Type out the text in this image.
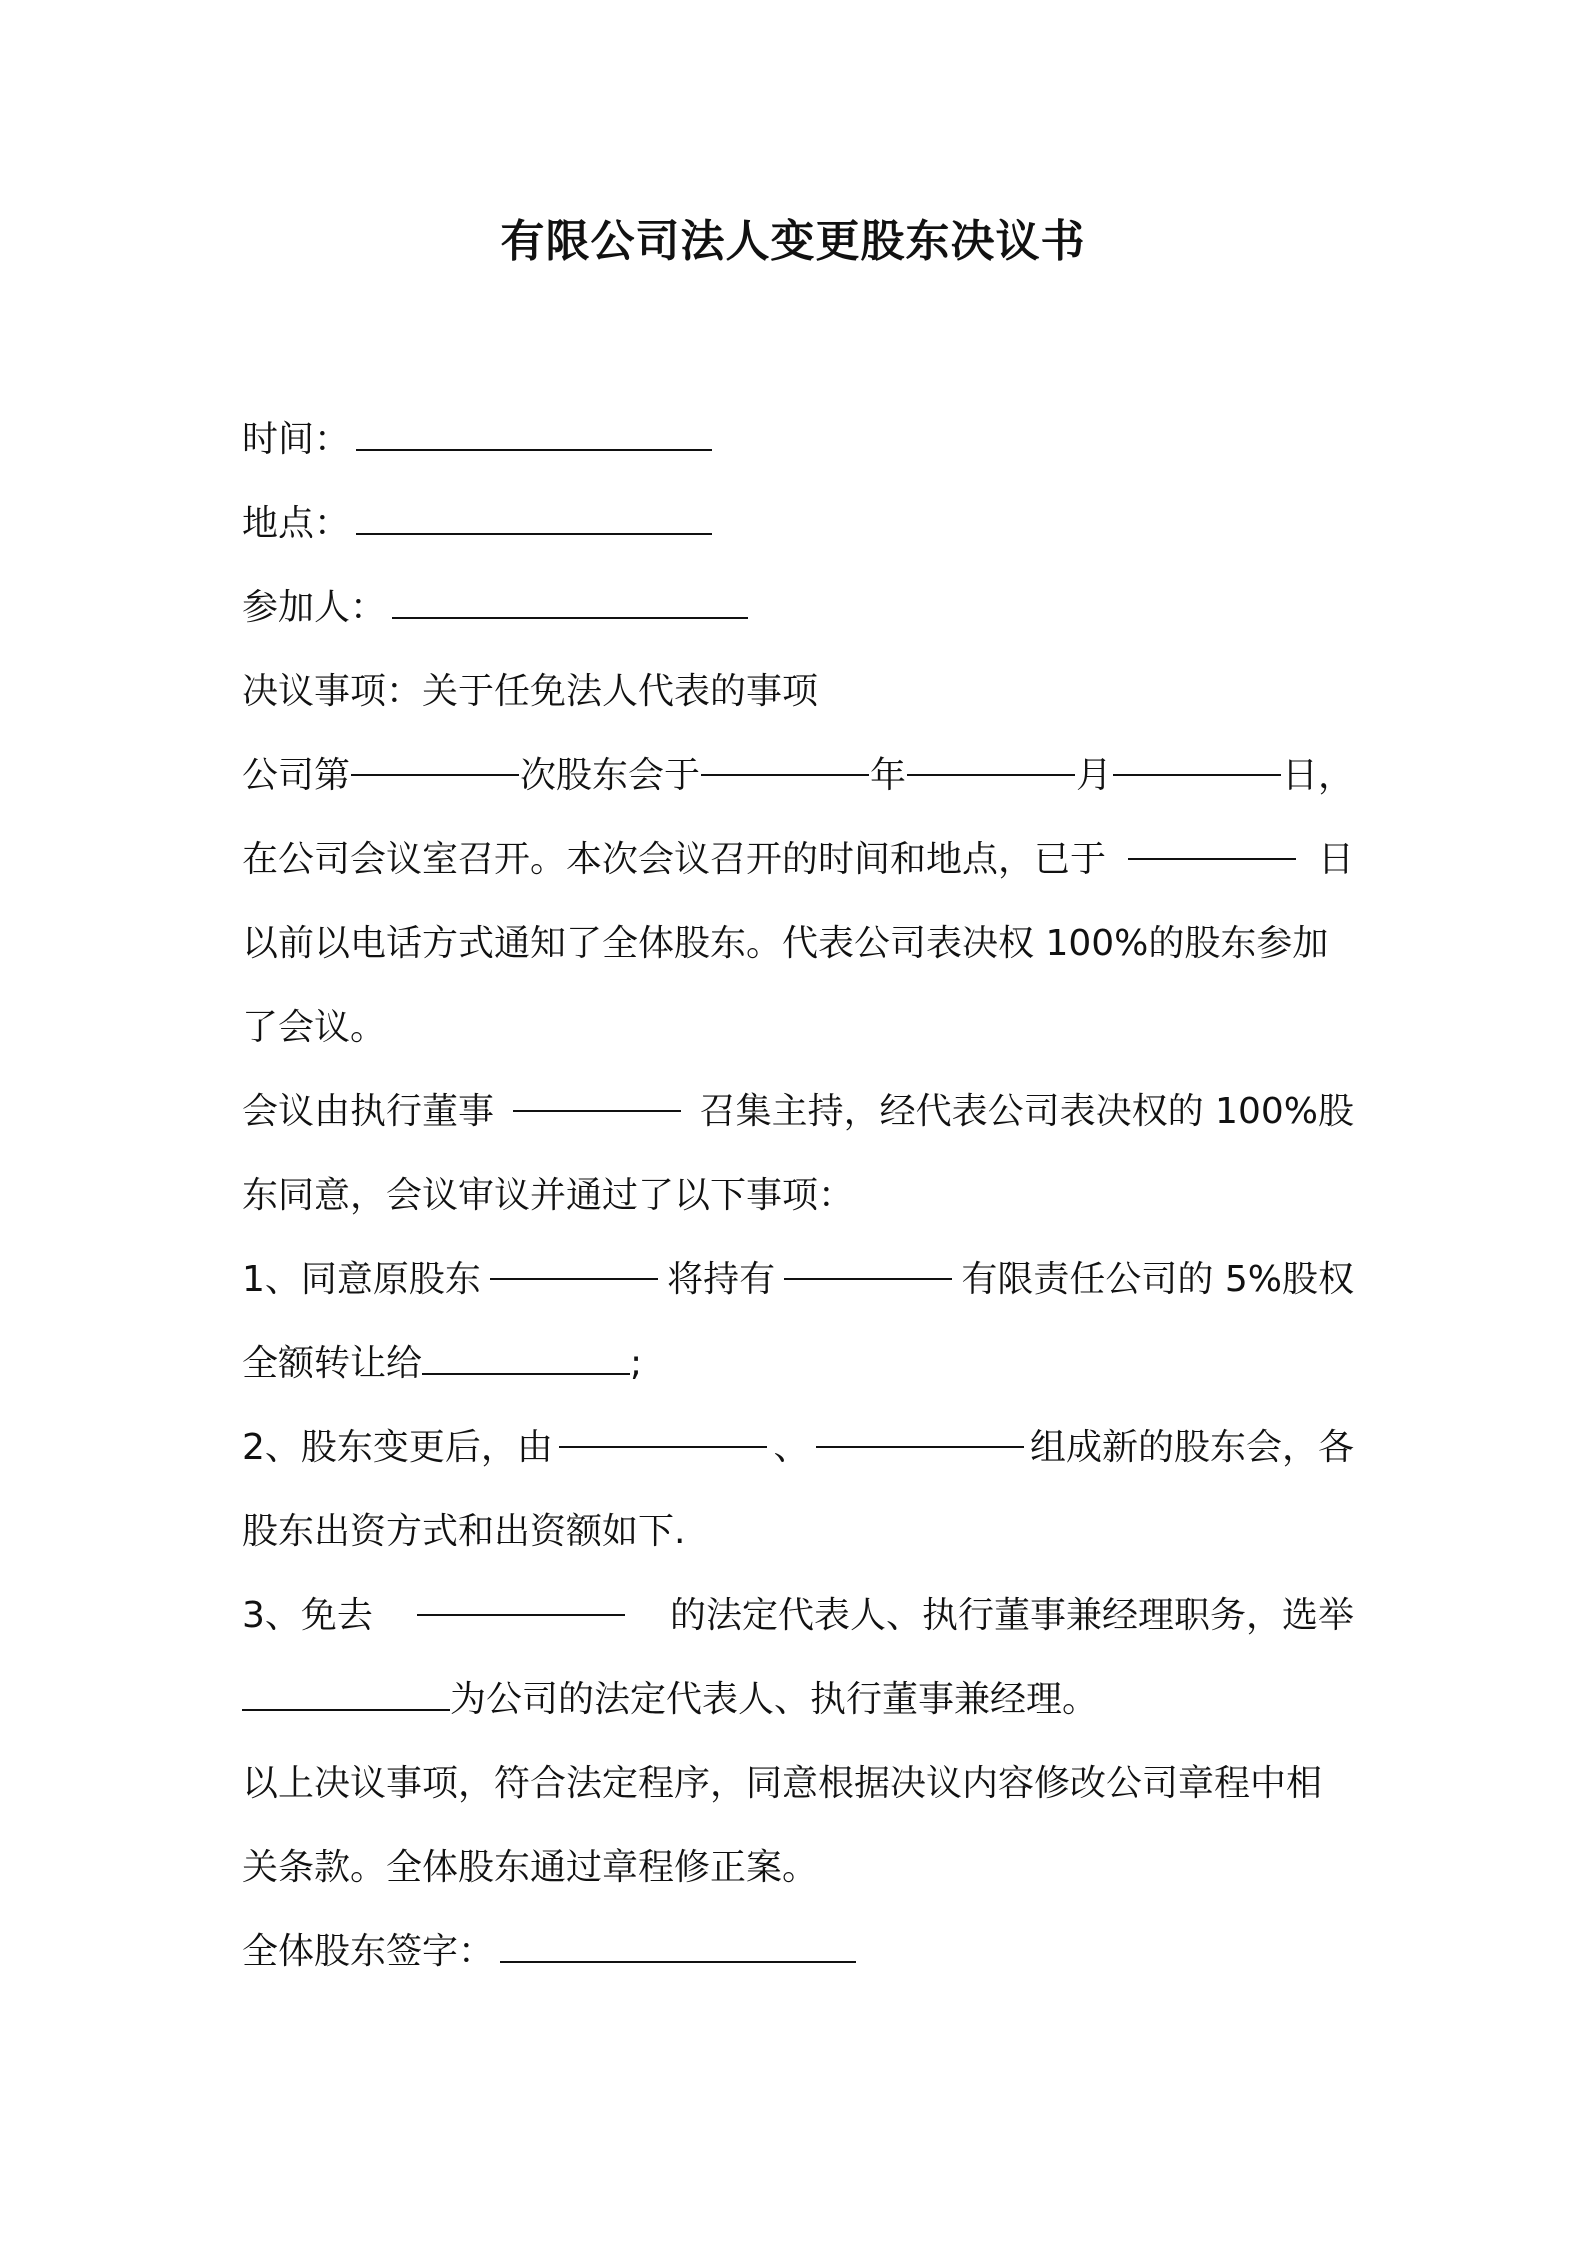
有限公司法人变更股东决议书
时间：
地点：
参加人：
决议事项：关于任免法人代表的事项
公司第	次股东会于	年	月	日，
在公司会议室召开。本次会议召开的时间和地点，已于	日
以前以电话方式通知了全体股东。代表公司表决权 100%的股东参加
了会议。
会议由执行董事	召集主持，经代表公司表决权的 100%股
东同意，会议审议并通过了以下事项：
1、同意原股东	将持有	有限责任公司的 5%股权
全额转让给	;
2、股东变更后，由	、	组成新的股东会，各
股东出资方式和出资额如下.
3、免去	的法定代表人、执行董事兼经理职务，选举
为公司的法定代表人、执行董事兼经理。
以上决议事项，符合法定程序，同意根据决议内容修改公司章程中相
关条款。全体股东通过章程修正案。
全体股东签字：
